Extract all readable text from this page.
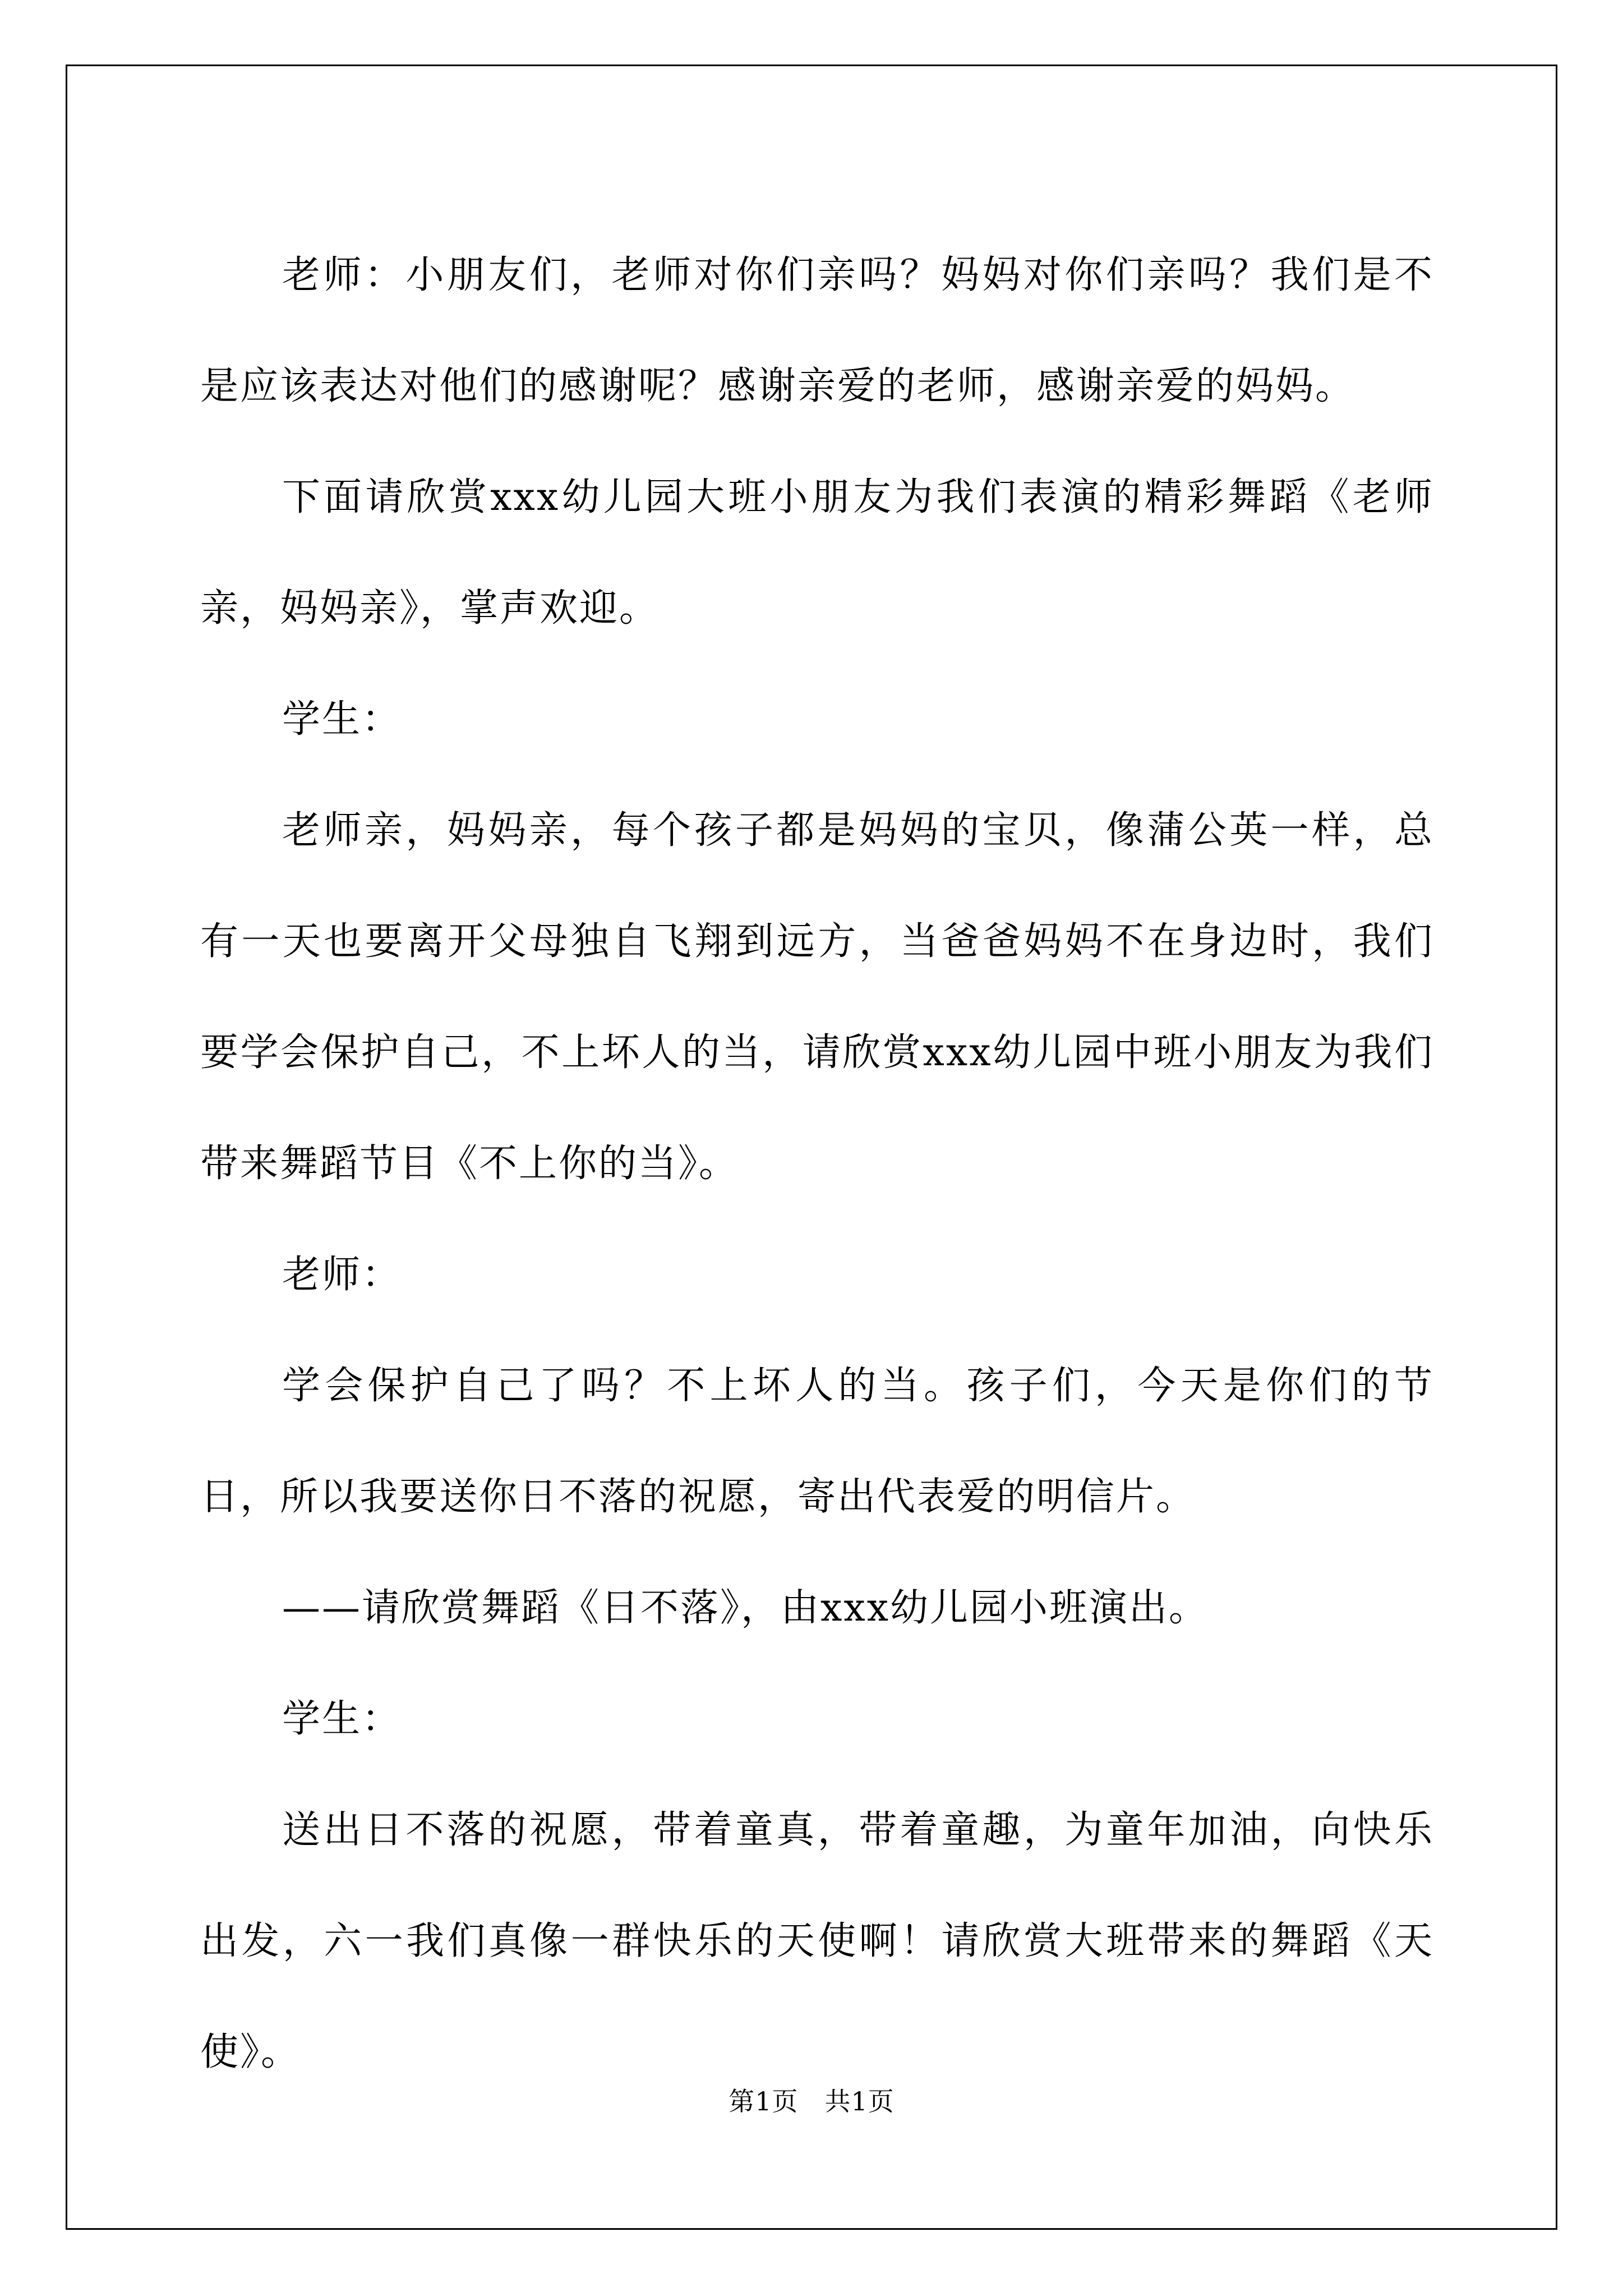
老师：小朋友们，老师对你们亲吗？妈妈对你们亲吗？我们是不是应该表达对他们的感谢呢？感谢亲爱的老师，感谢亲爱的妈妈。

下面请欣赏xxx幼儿园大班小朋友为我们表演的精彩舞蹈《老师亲，妈妈亲》，掌声欢迎。

学生：

老师亲，妈妈亲，每个孩子都是妈妈的宝贝，像蒲公英一样，总有一天也要离开父母独自飞翔到远方，当爸爸妈妈不在身边时，我们要学会保护自己，不上坏人的当，请欣赏xxx幼儿园中班小朋友为我们带来舞蹈节目《不上你的当》。

老师：

学会保护自己了吗？不上坏人的当。孩子们，今天是你们的节日，所以我要送你日不落的祝愿，寄出代表爱的明信片。

——请欣赏舞蹈《日不落》，由xxx幼儿园小班演出。

学生：

送出日不落的祝愿，带着童真，带着童趣，为童年加油，向快乐出发，六一我们真像一群快乐的天使啊！请欣赏大班带来的舞蹈《天使》。

第1页 共1页
